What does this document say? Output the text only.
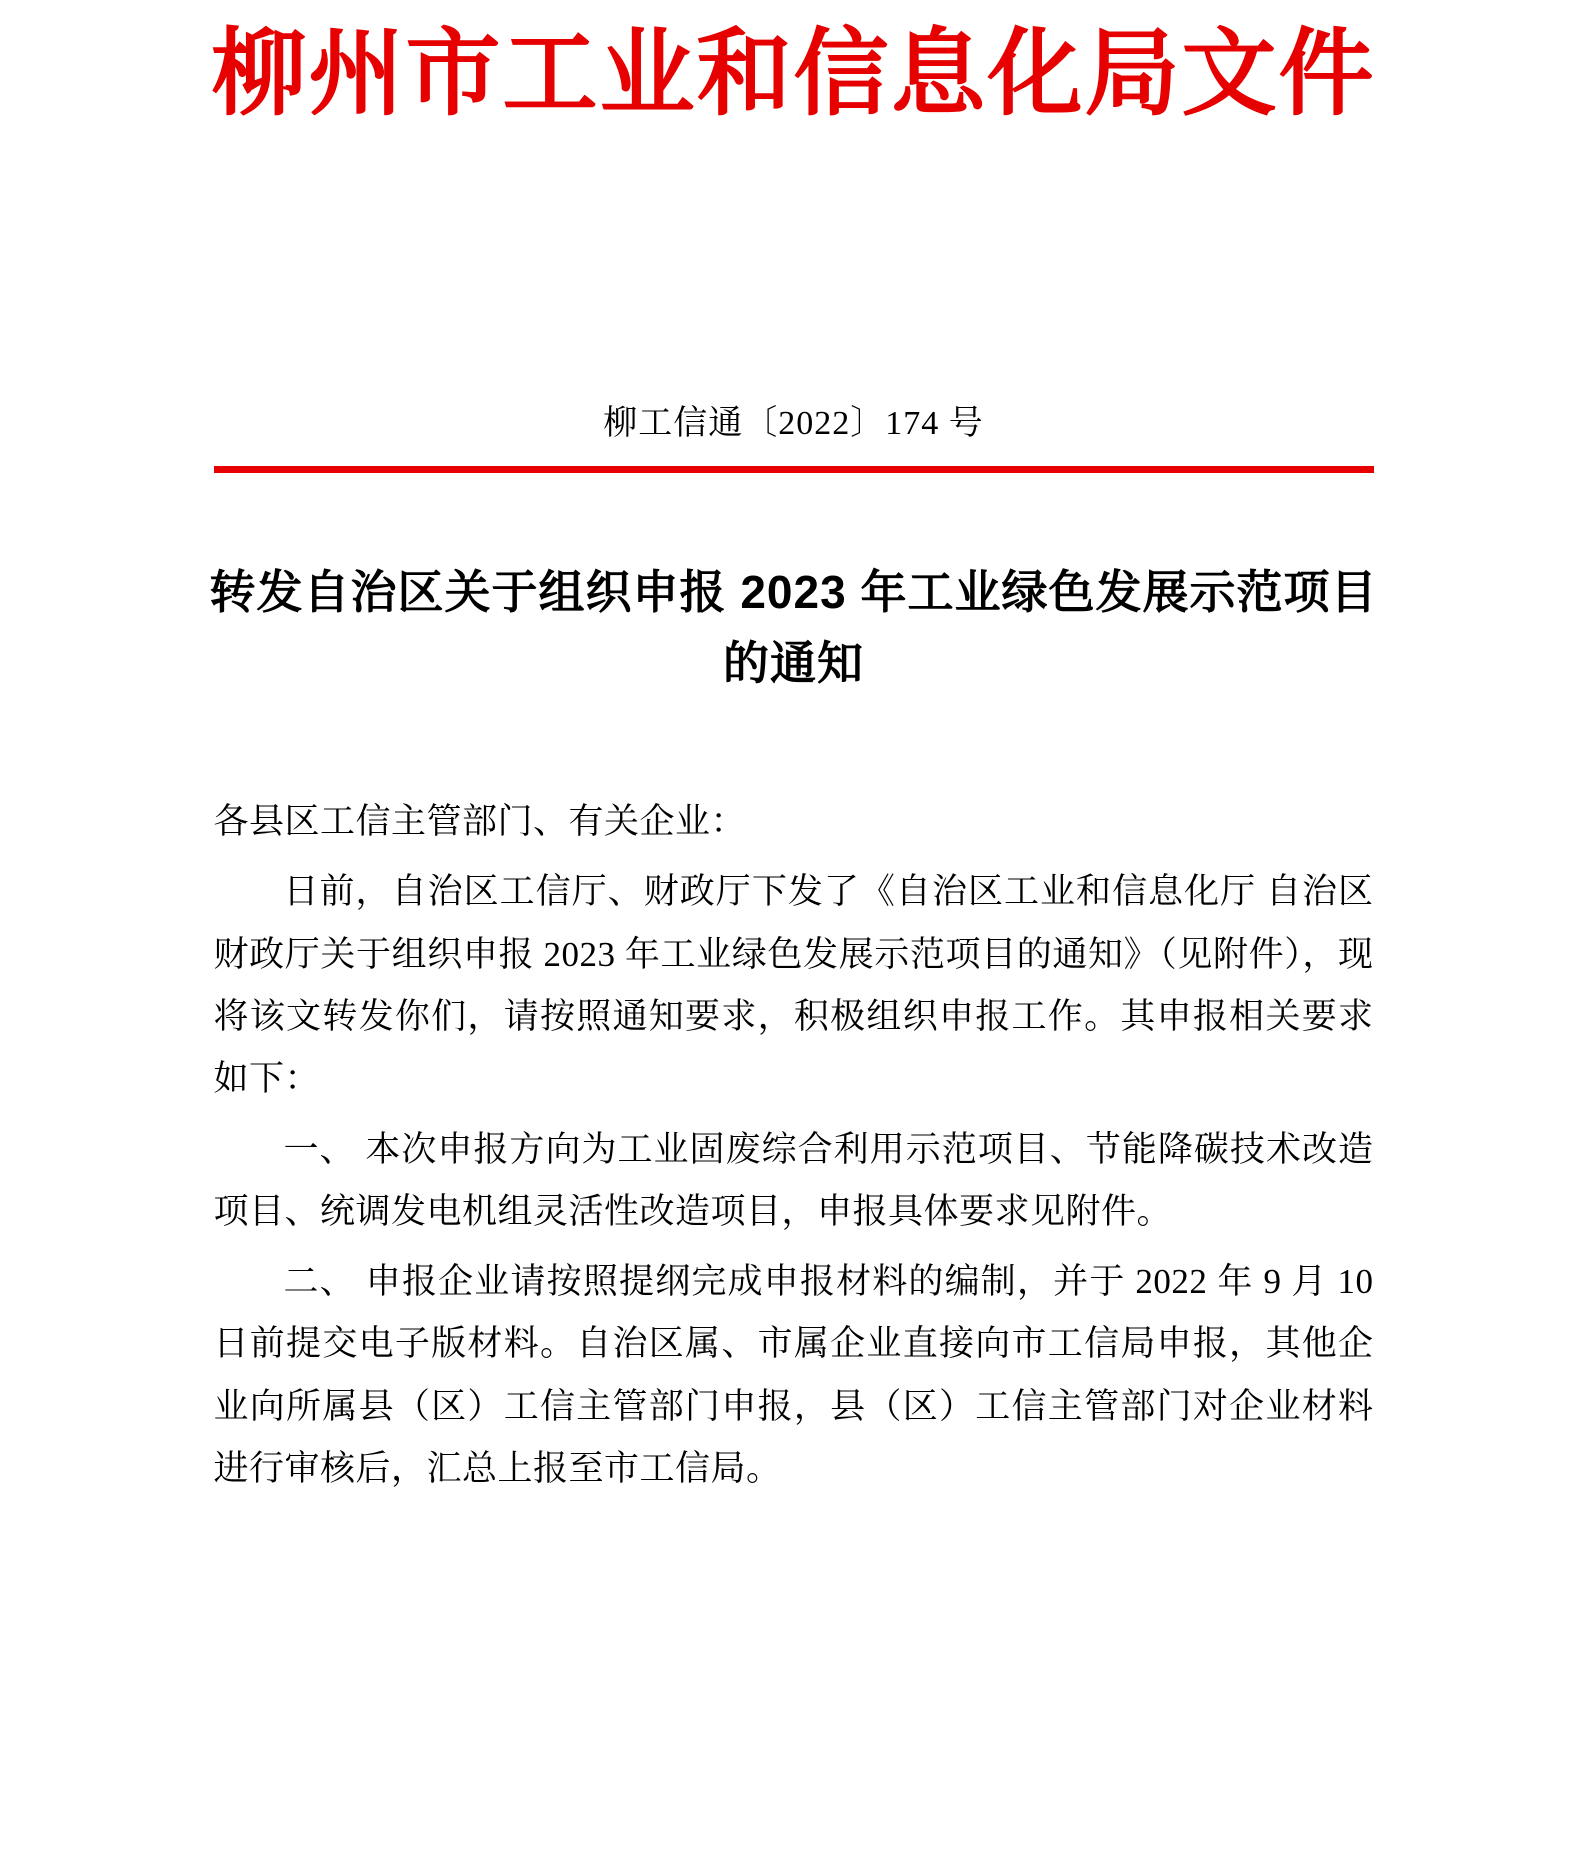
柳州市工业和信息化局文件
柳工信通〔2022〕174 号
转发自治区关于组织申报 2023 年工业绿色发展示范项目的通知
各县区工信主管部门、有关企业：
日前，自治区工信厅、财政厅下发了《自治区工业和信息化厅 自治区财政厅关于组织申报 2023 年工业绿色发展示范项目的通知》（见附件），现将该文转发你们，请按照通知要求，积极组织申报工作。其申报相关要求如下：
一、 本次申报方向为工业固废综合利用示范项目、节能降碳技术改造项目、统调发电机组灵活性改造项目，申报具体要求见附件。
二、 申报企业请按照提纲完成申报材料的编制，并于 2022 年 9 月 10 日前提交电子版材料。自治区属、市属企业直接向市工信局申报，其他企业向所属县（区）工信主管部门申报，县（区）工信主管部门对企业材料进行审核后，汇总上报至市工信局。
